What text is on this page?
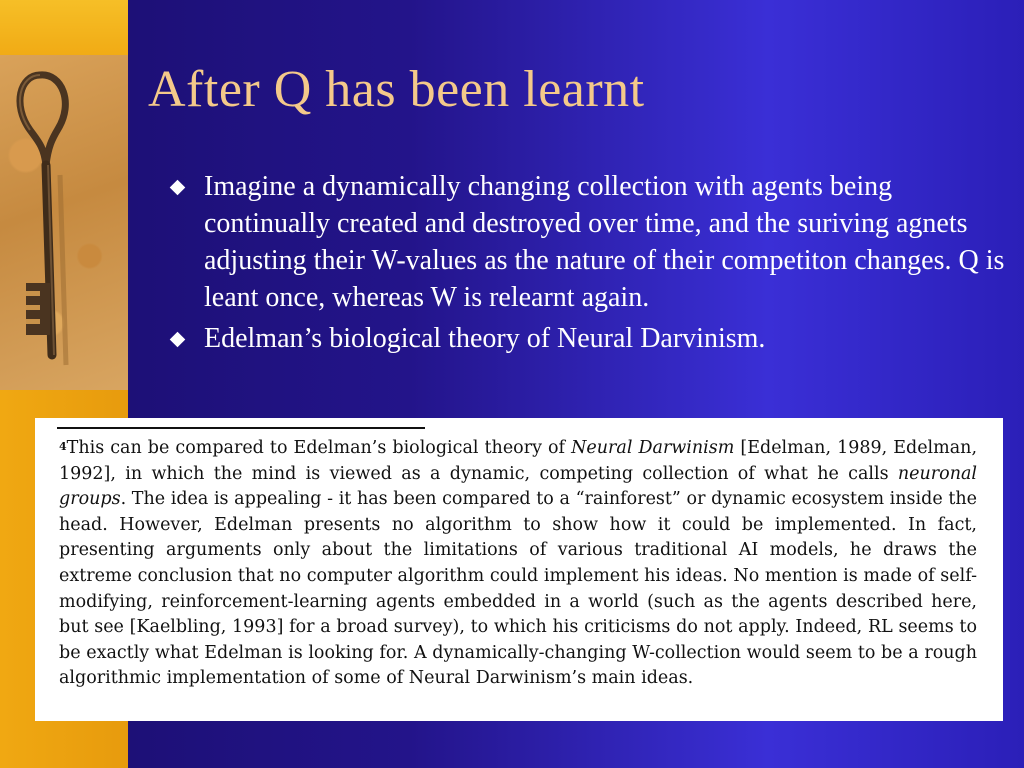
After Q has been learnt
Imagine a dynamically changing collection with agents being continually created and destroyed over time, and the suriving agnets adjusting their W-values as the nature of their competiton changes. Q is leant once, whereas W is relearnt again.
Edelman’s biological theory of Neural Darvinism.
$^4$This can be compared to Edelman’s biological theory of Neural Darwinism [Edelman, 1989, Edelman, 1992], in which the mind is viewed as a dynamic, competing collection of what he calls neuronal groups. The idea is appealing - it has been compared to a “rainforest” or dynamic ecosystem inside the head. However, Edelman presents no algorithm to show how it could be implemented. In fact, presenting arguments only about the limitations of various traditional AI models, he draws the extreme conclusion that no computer algorithm could implement his ideas. No mention is made of self-modifying, reinforcement-learning agents embedded in a world (such as the agents described here, but see [Kaelbling, 1993] for a broad survey), to which his criticisms do not apply. Indeed, RL seems to be exactly what Edelman is looking for. A dynamically-changing W-collection would seem to be a rough algorithmic implementation of some of Neural Darwinism’s main ideas.
